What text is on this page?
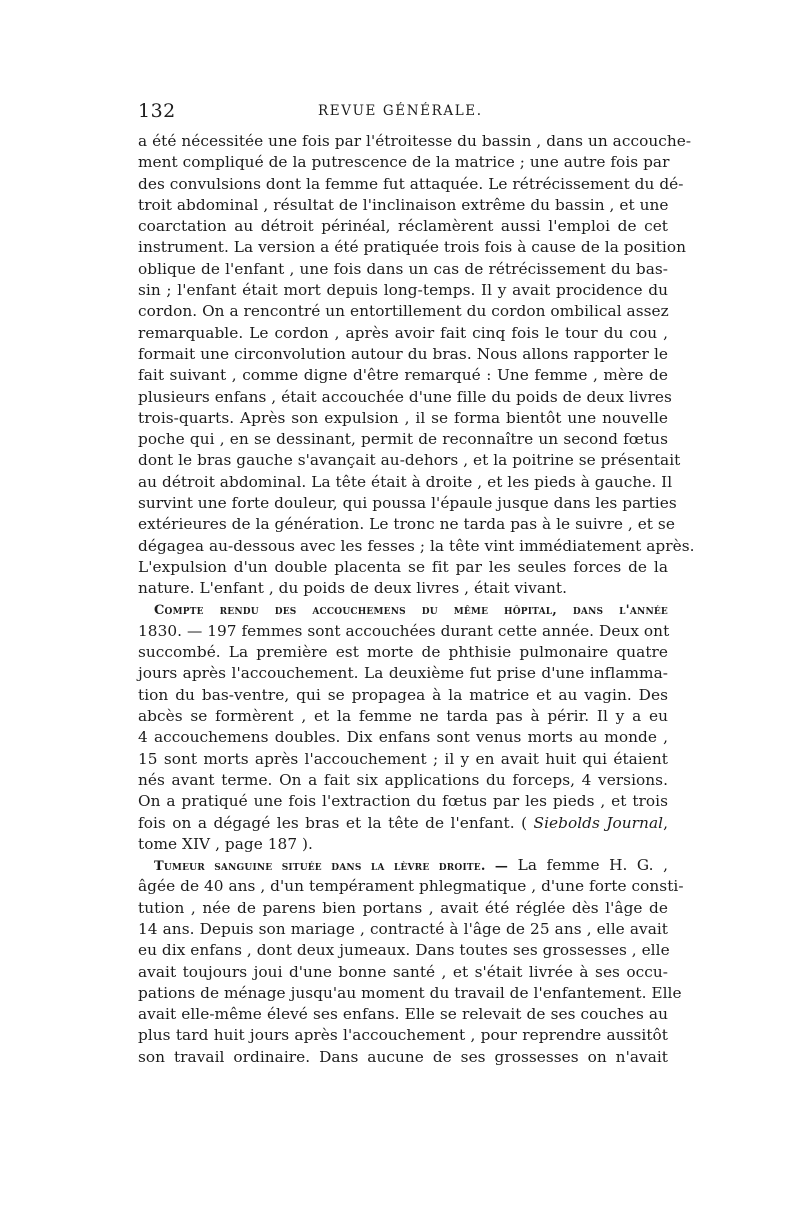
132	REVUE GÉNÉRALE.
a été nécessitée une fois par l'étroitesse du bassin , dans un accouche-
ment compliqué de la putrescence de la matrice ; une autre fois par
des convulsions dont la femme fut attaquée. Le rétrécissement du dé-
troit abdominal , résultat de l'inclinaison extrême du bassin , et une
coarctation au détroit périnéal, réclamèrent aussi l'emploi de cet
instrument. La version a été pratiquée trois fois à cause de la position
oblique de l'enfant , une fois dans un cas de rétrécissement du bas-
sin ; l'enfant était mort depuis long-temps. Il y avait procidence du
cordon. On a rencontré un entortillement du cordon ombilical assez
remarquable. Le cordon , après avoir fait cinq fois le tour du cou ,
formait une circonvolution autour du bras. Nous allons rapporter le
fait suivant , comme digne d'être remarqué : Une femme , mère de
plusieurs enfans , était accouchée d'une fille du poids de deux livres
trois-quarts. Après son expulsion , il se forma bientôt une nouvelle
poche qui , en se dessinant, permit de reconnaître un second fœtus
dont le bras gauche s'avançait au-dehors , et la poitrine se présentait
au détroit abdominal. La tête était à droite , et les pieds à gauche. Il
survint une forte douleur, qui poussa l'épaule jusque dans les parties
extérieures de la génération. Le tronc ne tarda pas à le suivre , et se
dégagea au-dessous avec les fesses ; la tête vint immédiatement après.
L'expulsion d'un double placenta se fit par les seules forces de la
nature. L'enfant , du poids de deux livres , était vivant.
Compte rendu des accouchemens du même hôpital, dans l'année
1830. — 197 femmes sont accouchées durant cette année. Deux ont
succombé. La première est morte de phthisie pulmonaire quatre
jours après l'accouchement. La deuxième fut prise d'une inflamma-
tion du bas-ventre, qui se propagea à la matrice et au vagin. Des
abcès se formèrent , et la femme ne tarda pas à périr. Il y a eu
4 accouchemens doubles. Dix enfans sont venus morts au monde ,
15 sont morts après l'accouchement ; il y en avait huit qui étaient
nés avant terme. On a fait six applications du forceps, 4 versions.
On a pratiqué une fois l'extraction du fœtus par les pieds , et trois
fois on a dégagé les bras et la tête de l'enfant. ( Siebolds Journal,
tome XIV , page 187 ).
Tumeur sanguine située dans la lèvre droite. — La femme H. G. ,
âgée de 40 ans , d'un tempérament phlegmatique , d'une forte consti-
tution , née de parens bien portans , avait été réglée dès l'âge de
14 ans. Depuis son mariage , contracté à l'âge de 25 ans , elle avait
eu dix enfans , dont deux jumeaux. Dans toutes ses grossesses , elle
avait toujours joui d'une bonne santé , et s'était livrée à ses occu-
pations de ménage jusqu'au moment du travail de l'enfantement. Elle
avait elle-même élevé ses enfans. Elle se relevait de ses couches au
plus tard huit jours après l'accouchement , pour reprendre aussitôt
son travail ordinaire. Dans aucune de ses grossesses on n'avait
